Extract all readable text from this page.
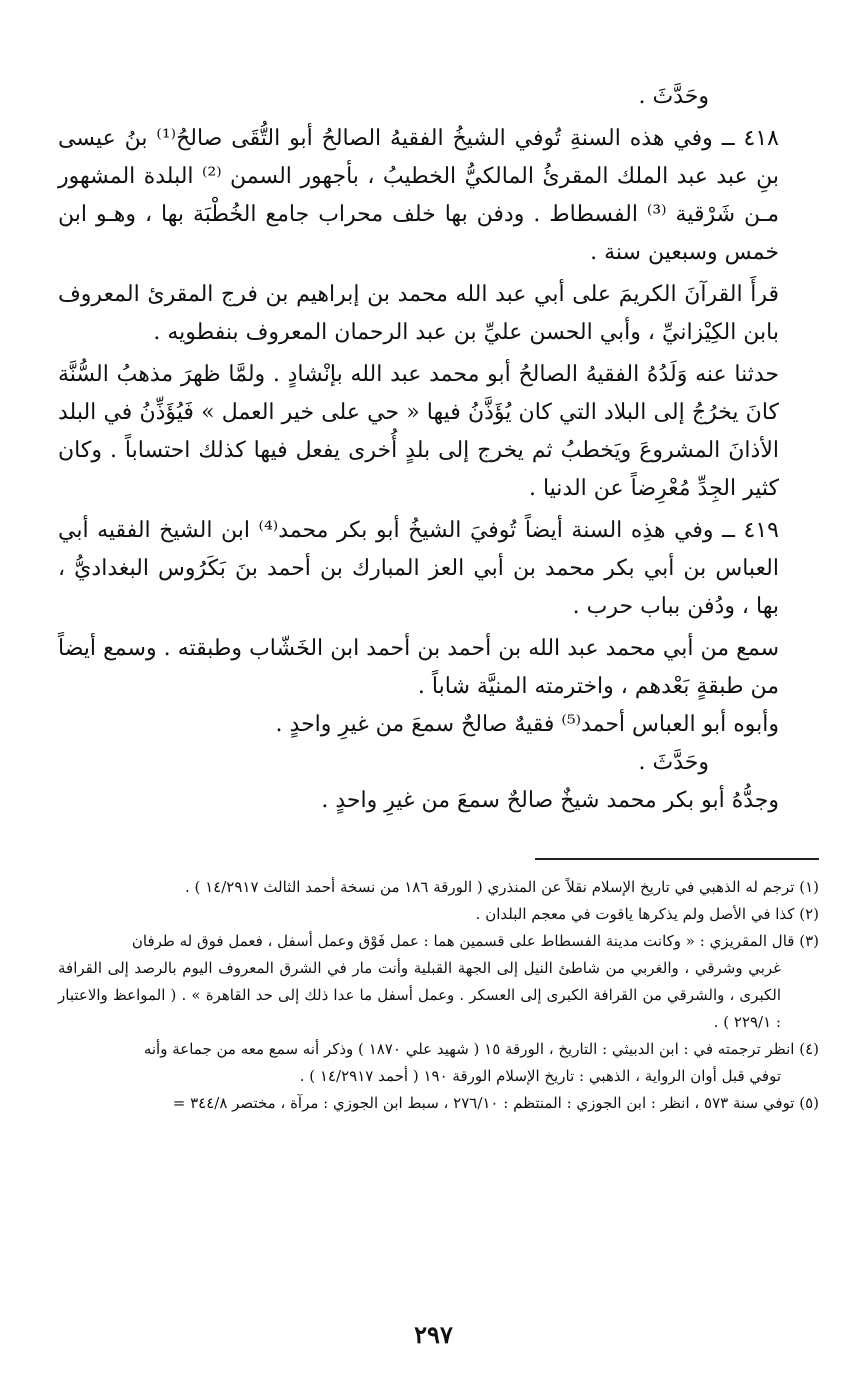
وحَدَّثَ .

٤١٨ ــ وفي هذه السنةِ تُوفي الشيخُ الفقيهُ الصالحُ أبو التُّقَى صالحُ⁽¹⁾ بنُ عيسى بنِ عبد عبد الملك المقرئُ المالكيُّ الخطيبُ ، بأجهور السمن ⁽²⁾ البلدة المشهور مـن شَرْقية ⁽³⁾ الفسطاط . ودفن بها خلف محراب جامع الخُطْبَة بها ، وهـو ابن خمس وسبعين سنة .

قرأَ القرآنَ الكريمَ على أبي عبد الله محمد بن إبراهيم بن فرج المقرئ المعروف بابن الكِيْزانيِّ ، وأبي الحسن عليِّ بن عبد الرحمان المعروف بنفطويه .

حدثنا عنه وَلَدُهُ الفقيهُ الصالحُ أبو محمد عبد الله بإنْشادٍ . ولمَّا ظهرَ مذهبُ السُّنَّة كانَ يخرُجُ إلى البلاد التي كان يُؤَذَّنُ فيها « حي على خير العمل » فَيُؤَذِّنُ في البلد الأذانَ المشروعَ ويَخطبُ ثم يخرج إلى بلدٍ أُخرى يفعل فيها كذلك احتساباً . وكان كثير الجِدِّ مُعْرِضاً عن الدنيا .

٤١٩ ــ وفي هذِه السنة أيضاً تُوفيَ الشيخُ أبو بكر محمد⁽⁴⁾ ابن الشيخ الفقيه أبي العباس بن أبي بكر محمد بن أبي العز المبارك بن أحمد بنَ بَكَرُوس البغداديُّ ، بها ، ودُفن بباب حرب .

سمع من أبي محمد عبد الله بن أحمد بن أحمد ابن الخَشّاب وطبقته . وسمع أيضاً من طبقةٍ بَعْدهم ، واخترمته المنيَّة شاباً .

وأبوه أبو العباس أحمد⁽⁵⁾ فقيهٌ صالحٌ سمعَ من غيرِ واحدٍ .

وحَدَّثَ .

وجدُّهُ أبو بكر محمد شيخٌ صالحٌ سمعَ من غيرِ واحدٍ .

(١) ترجم له الذهبي في تاريخ الإسلام نقلاً عن المنذري ( الورقة ١٨٦ من نسخة أحمد الثالث ١٤/٢٩١٧ ) .

(٢) كذا في الأصل ولم يذكرها ياقوت في معجم البلدان .

(٣) قال المقريزي : « وكانت مدينة الفسطاط على قسمين هما : عمل فَوْق وعمل أسفل ، فعمل فوق له طرفان

غربي وشرقي ، والغربي من شاطئ النيل إلى الجهة القبلية وأنت مار في الشرق المعروف اليوم بالرصد إلى القرافة الكبرى ، والشرقي من القرافة الكبرى إلى العسكر . وعمل أسفل ما عدا ذلك إلى حد القاهرة » . ( المواعظ والاعتبار : ٢٢٩/١ ) .

(٤) انظر ترجمته في : ابن الدبيثي : التاريخ ، الورقة ١٥ ( شهيد علي ١٨٧٠ ) وذكر أنه سمع معه من جماعة وأنه

توفي قبل أوان الرواية ، الذهبي : تاريخ الإسلام الورقة ١٩٠ ( أحمد ١٤/٢٩١٧ ) .

(٥) توفي سنة ٥٧٣ ، انظر : ابن الجوزي : المنتظم : ٢٧٦/١٠ ، سبط ابن الجوزي : مرآة ، مختصر ٣٤٤/٨ =

٢٩٧
